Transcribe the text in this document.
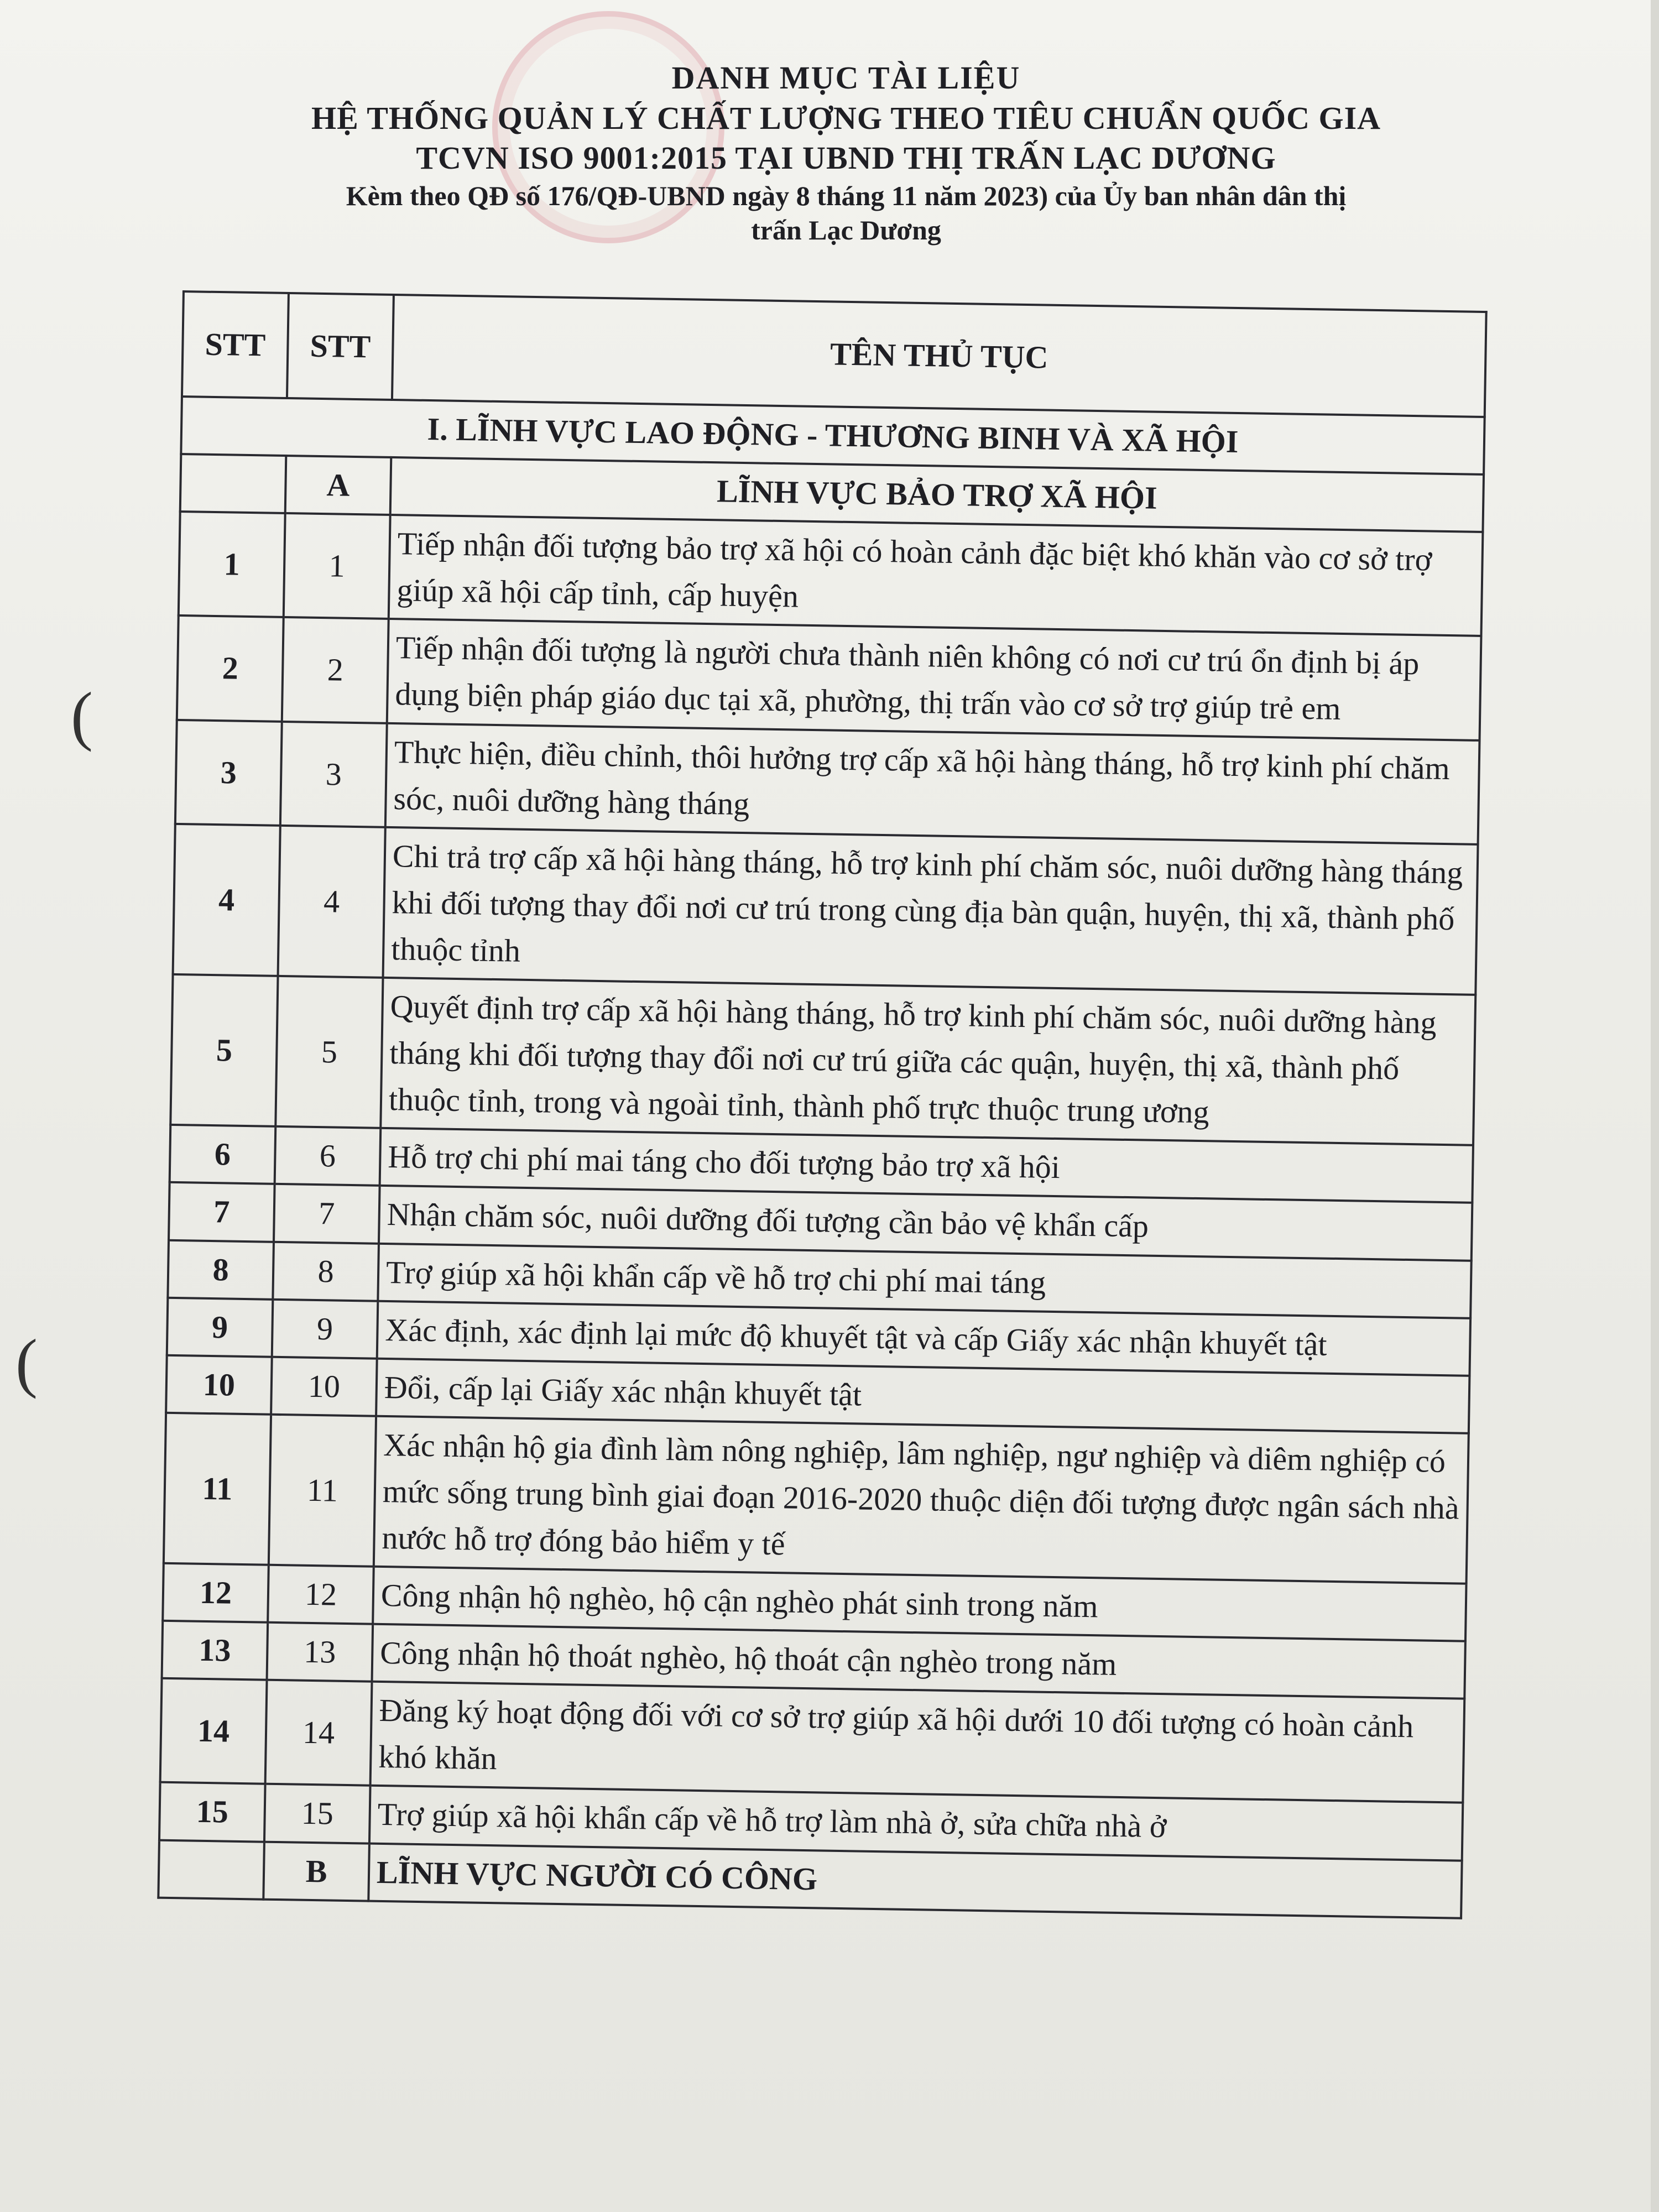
DANH MỤC TÀI LIỆU
HỆ THỐNG QUẢN LÝ CHẤT LƯỢNG THEO TIÊU CHUẨN QUỐC GIA
TCVN ISO 9001:2015 TẠI UBND THỊ TRẤN LẠC DƯƠNG
Kèm theo QĐ số 176/QĐ-UBND ngày 8 tháng 11 năm 2023) của Ủy ban nhân dân thị
trấn Lạc Dương
(
(
STT	STT	TÊN THỦ TỤC
I. LĨNH VỰC LAO ĐỘNG - THƯƠNG BINH VÀ XÃ HỘI		
	A	LĨNH VỰC BẢO TRỢ XÃ HỘI
1	1	Tiếp nhận đối tượng bảo trợ xã hội có hoàn cảnh đặc biệt khó khăn vào cơ sở trợ giúp xã hội cấp tỉnh, cấp huyện
2	2	Tiếp nhận đối tượng là người chưa thành niên không có nơi cư trú ổn định bị áp dụng biện pháp giáo dục tại xã, phường, thị trấn vào cơ sở trợ giúp trẻ em
3	3	Thực hiện, điều chỉnh, thôi hưởng trợ cấp xã hội hàng tháng, hỗ trợ kinh phí chăm sóc, nuôi dưỡng hàng tháng
4	4	Chi trả trợ cấp xã hội hàng tháng, hỗ trợ kinh phí chăm sóc, nuôi dưỡng hàng tháng khi đối tượng thay đổi nơi cư trú trong cùng địa bàn quận, huyện, thị xã, thành phố thuộc tỉnh
5	5	Quyết định trợ cấp xã hội hàng tháng, hỗ trợ kinh phí chăm sóc, nuôi dưỡng hàng tháng khi đối tượng thay đổi nơi cư trú giữa các quận, huyện, thị xã, thành phố thuộc tỉnh, trong và ngoài tỉnh, thành phố trực thuộc trung ương
6	6	Hỗ trợ chi phí mai táng cho đối tượng bảo trợ xã hội
7	7	Nhận chăm sóc, nuôi dưỡng đối tượng cần bảo vệ khẩn cấp
8	8	Trợ giúp xã hội khẩn cấp về hỗ trợ chi phí mai táng
9	9	Xác định, xác định lại mức độ khuyết tật và cấp Giấy xác nhận khuyết tật
10	10	Đổi, cấp lại Giấy xác nhận khuyết tật
11	11	Xác nhận hộ gia đình làm nông nghiệp, lâm nghiệp, ngư nghiệp và diêm nghiệp có mức sống trung bình giai đoạn 2016-2020 thuộc diện đối tượng được ngân sách nhà nước hỗ trợ đóng bảo hiểm y tế
12	12	Công nhận hộ nghèo, hộ cận nghèo phát sinh trong năm
13	13	Công nhận hộ thoát nghèo, hộ thoát cận nghèo trong năm
14	14	Đăng ký hoạt động đối với cơ sở trợ giúp xã hội dưới 10 đối tượng có hoàn cảnh khó khăn
15	15	Trợ giúp xã hội khẩn cấp về hỗ trợ làm nhà ở, sửa chữa nhà ở
	B	LĨNH VỰC NGƯỜI CÓ CÔNG
